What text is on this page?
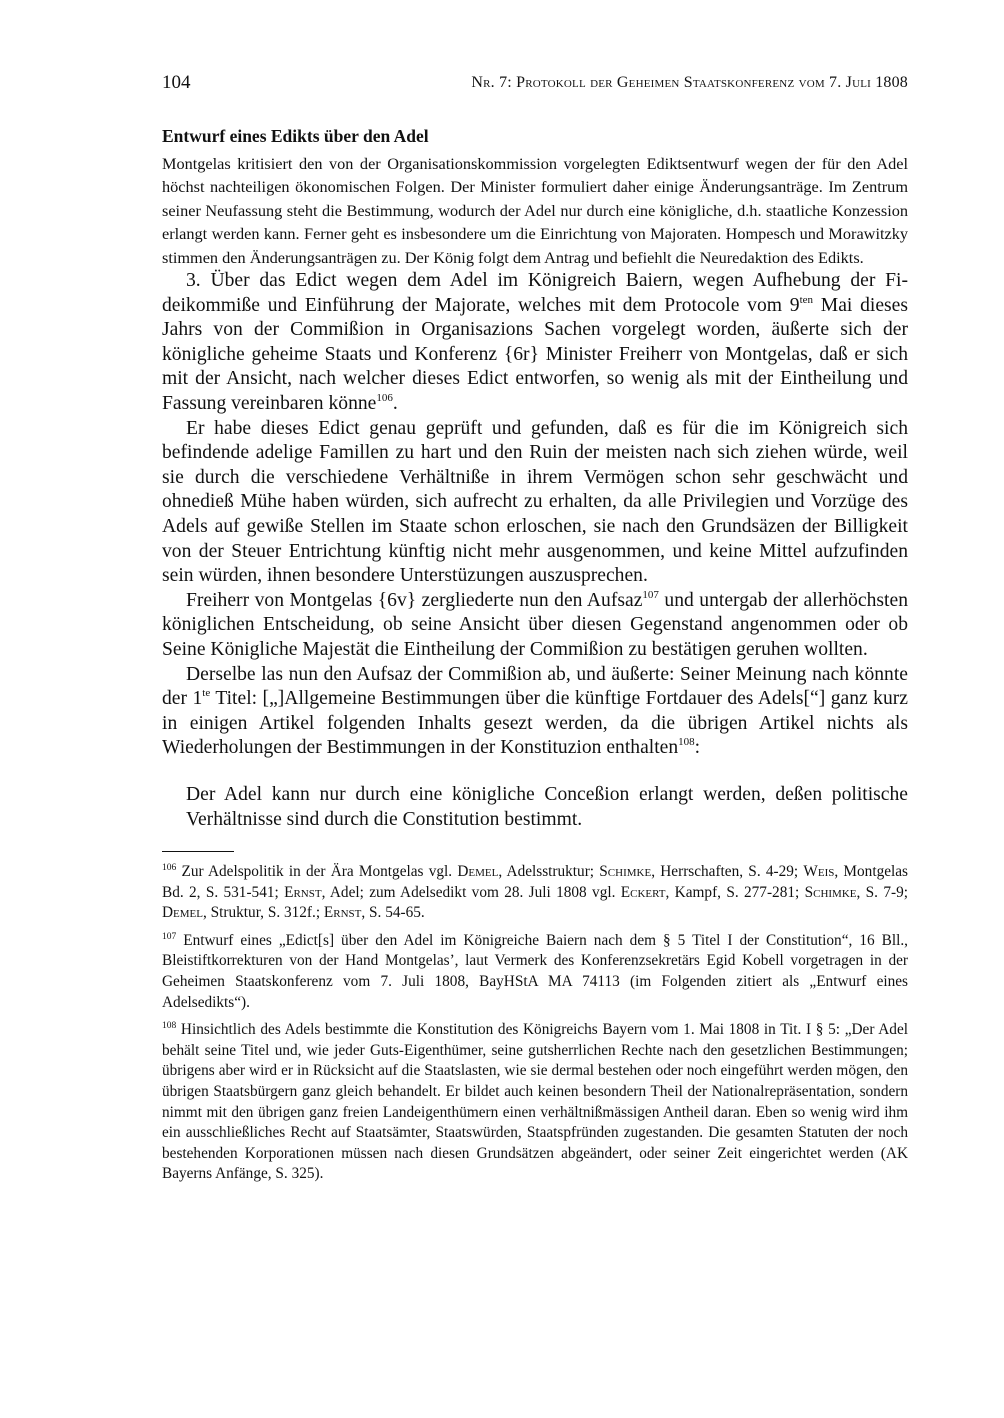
104	Nr. 7: Protokoll der Geheimen Staatskonferenz vom 7. Juli 1808
Entwurf eines Edikts über den Adel

Montgelas kritisiert den von der Organisationskommission vorgelegten Ediktsentwurf wegen der für den Adel höchst nachteiligen ökonomischen Folgen. Der Minister formuliert daher einige Änderungsanträge. Im Zentrum seiner Neufassung steht die Bestimmung, wodurch der Adel nur durch eine königliche, d.h. staatliche Konzession erlangt werden kann. Ferner geht es insbesondere um die Einrichtung von Majoraten. Hompesch und Morawitzky stimmen den Änderungsanträgen zu. Der König folgt dem Antrag und befiehlt die Neuredaktion des Edikts.

3. Über das Edict wegen dem Adel im Königreich Baiern, wegen Aufhebung der Fideikommiße und Einführung der Majorate, welches mit dem Protocole vom $9^{ten}$ Mai dieses Jahrs von der Commißion in Organisazions Sachen vorgelegt worden, äußerte sich der königliche geheime Staats und Konferenz {6r} Minister Freiherr von Montgelas, daß er sich mit der Ansicht, nach welcher dieses Edict entworfen, so wenig als mit der Eintheilung und Fassung vereinbaren könne$^{106}$.

Er habe dieses Edict genau geprüft und gefunden, daß es für die im Königreich sich befindende adelige Famillen zu hart und den Ruin der meisten nach sich ziehen würde, weil sie durch die verschiedene Verhältniße in ihrem Vermögen schon sehr geschwächt und ohnedieß Mühe haben würden, sich aufrecht zu erhalten, da alle Privilegien und Vorzüge des Adels auf gewiße Stellen im Staate schon erloschen, sie nach den Grundsäzen der Billigkeit von der Steuer Entrichtung künftig nicht mehr ausgenommen, und keine Mittel aufzufinden sein würden, ihnen besondere Unterstüzungen auszusprechen.

Freiherr von Montgelas {6v} zergliederte nun den Aufsaz$^{107}$ und untergab der allerhöchsten königlichen Entscheidung, ob seine Ansicht über diesen Gegenstand angenommen oder ob Seine Königliche Majestät die Eintheilung der Commißion zu bestätigen geruhen wollten.

Derselbe las nun den Aufsaz der Commißion ab, und äußerte: Seiner Meinung nach könnte der $1^{te}$ Titel: [„]Allgemeine Bestimmungen über die künftige Fortdauer des Adels[“] ganz kurz in einigen Artikel folgenden Inhalts gesezt werden, da die übrigen Artikel nichts als Wiederholungen der Bestimmungen in der Konstituzion enthalten$^{108}$:

Der Adel kann nur durch eine königliche Conceßion erlangt werden, deßen politische Verhältnisse sind durch die Constitution bestimmt.

$^{106}$ Zur Adelspolitik in der Ära Montgelas vgl. Demel, Adelsstruktur; Schimke, Herrschaften, S. 4-29; Weis, Montgelas Bd. 2, S. 531-541; Ernst, Adel; zum Adelsedikt vom 28. Juli 1808 vgl. Eckert, Kampf, S. 277-281; Schimke, S. 7-9; Demel, Struktur, S. 312f.; Ernst, S. 54-65.

$^{107}$ Entwurf eines „Edict[s] über den Adel im Königreiche Baiern nach dem § 5 Titel I der Constitution“, 16 Bll., Bleistiftkorrekturen von der Hand Montgelas’, laut Vermerk des Konferenzsekretärs Egid Kobell vorgetragen in der Geheimen Staatskonferenz vom 7. Juli 1808, BayHStA MA 74113 (im Folgenden zitiert als „Entwurf eines Adelsedikts“).

$^{108}$ Hinsichtlich des Adels bestimmte die Konstitution des Königreichs Bayern vom 1. Mai 1808 in Tit. I § 5: „Der Adel behält seine Titel und, wie jeder Guts-Eigenthümer, seine gutsherrlichen Rechte nach den gesetzlichen Bestimmungen; übrigens aber wird er in Rücksicht auf die Staatslasten, wie sie dermal bestehen oder noch eingeführt werden mögen, den übrigen Staatsbürgern ganz gleich behandelt. Er bildet auch keinen besondern Theil der Nationalrepräsentation, sondern nimmt mit den übrigen ganz freien Landeigenthümern einen verhältnißmässigen Antheil daran. Eben so wenig wird ihm ein ausschließliches Recht auf Staatsämter, Staatswürden, Staatspfründen zugestanden. Die gesamten Statuten der noch bestehenden Korporationen müssen nach diesen Grundsätzen abgeändert, oder seiner Zeit eingerichtet werden (AK Bayerns Anfänge, S. 325).
